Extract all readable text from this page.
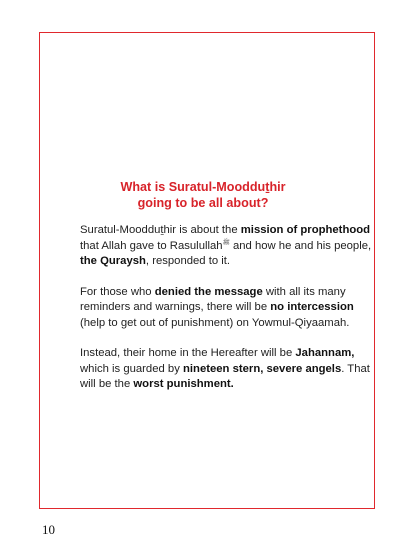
What is Suratul-Moodduṯhir
going to be all about?

Suratul-Moodduṯhir is about the mission of prophethood that Allah gave to Rasulullah$^ﷺ$ and how he and his people, the Quraysh, responded to it.

For those who denied the message with all its many reminders and warnings, there will be no intercession (help to get out of punishment) on Yowmul-Qiyaamah.

Instead, their home in the Hereafter will be Jahannam, which is guarded by nineteen stern, severe angels. That will be the worst punishment.

10
